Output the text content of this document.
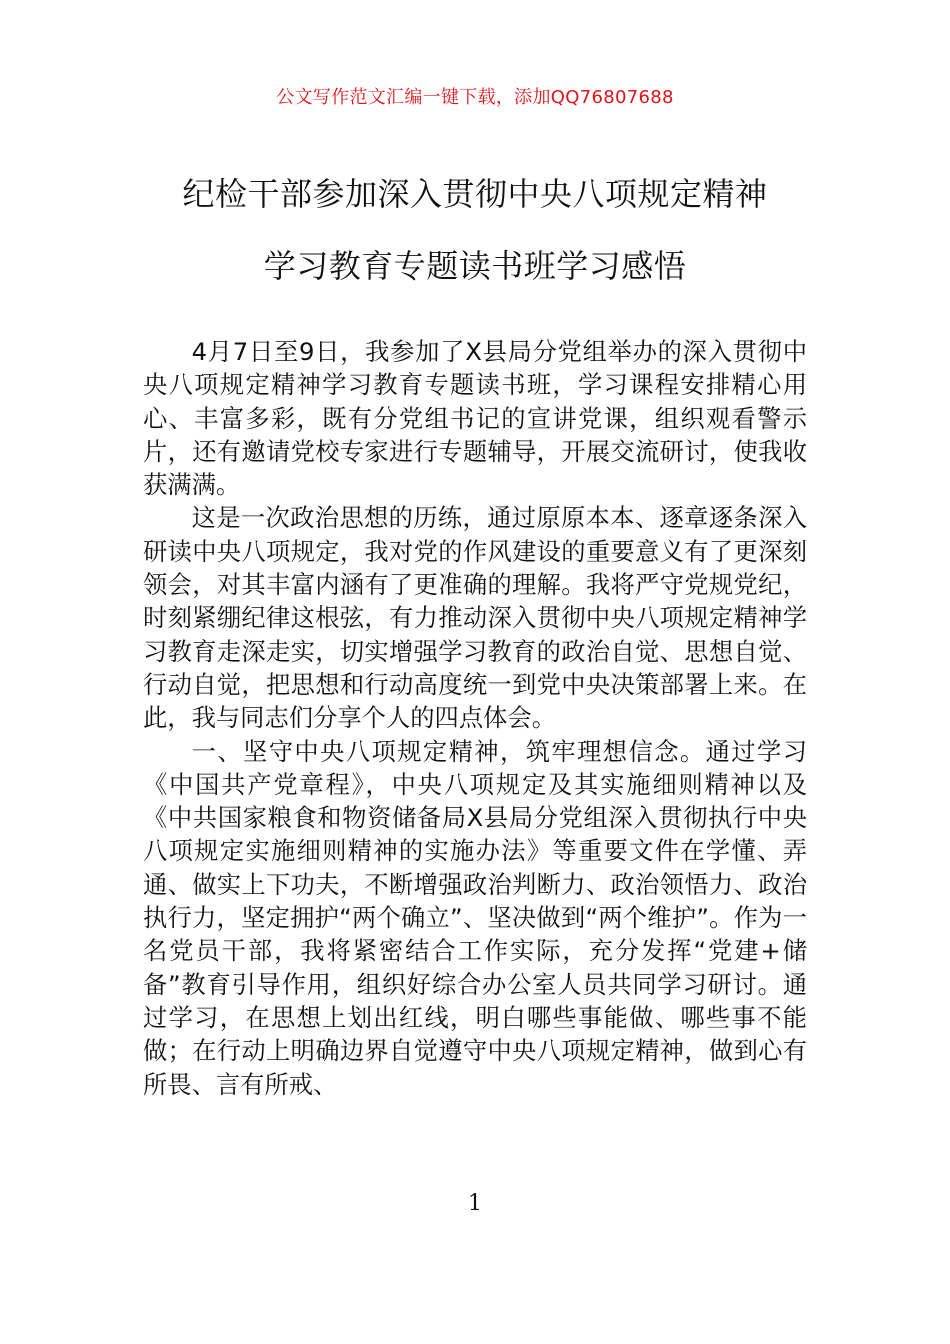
公文写作范文汇编一键下载，添加QQ76807688
纪检干部参加深入贯彻中央八项规定精神
学习教育专题读书班学习感悟

4月7日至9日，我参加了X县局分党组举办的深入贯彻中央八项规定精神学习教育专题读书班，学习课程安排精心用心、丰富多彩，既有分党组书记的宣讲党课，组织观看警示片，还有邀请党校专家进行专题辅导，开展交流研讨，使我收获满满。

这是一次政治思想的历练，通过原原本本、逐章逐条深入研读中央八项规定，我对党的作风建设的重要意义有了更深刻领会，对其丰富内涵有了更准确的理解。我将严守党规党纪，时刻紧绷纪律这根弦，有力推动深入贯彻中央八项规定精神学习教育走深走实，切实增强学习教育的政治自觉、思想自觉、行动自觉，把思想和行动高度统一到党中央决策部署上来。在此，我与同志们分享个人的四点体会。

一、坚守中央八项规定精神，筑牢理想信念。通过学习《中国共产党章程》，中央八项规定及其实施细则精神以及《中共国家粮食和物资储备局X县局分党组深入贯彻执行中央八项规定实施细则精神的实施办法》等重要文件在学懂、弄通、做实上下功夫，不断增强政治判断力、政治领悟力、政治执行力，坚定拥护“两个确立”、坚决做到“两个维护”。作为一名党员干部，我将紧密结合工作实际，充分发挥“党建+储备”教育引导作用，组织好综合办公室人员共同学习研讨。通过学习，在思想上划出红线，明白哪些事能做、哪些事不能做；在行动上明确边界自觉遵守中央八项规定精神，做到心有所畏、言有所戒、

1
